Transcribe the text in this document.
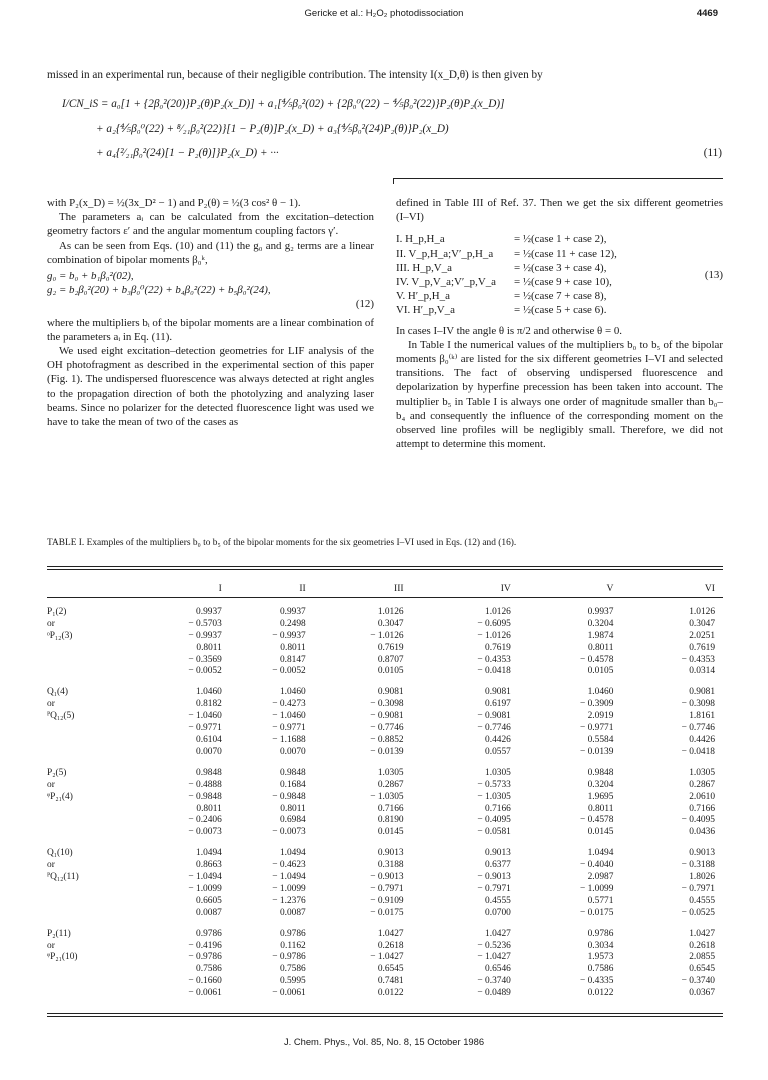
Gericke et al.: H₂O₂ photodissociation	4469
missed in an experimental run, because of their negligible contribution. The intensity I(x_D,θ) is then given by
I/CN_iS = a₀[1 + {2β₀²(20)}P₂(θ)P₂(x_D)] + a₁[⅘β₀²(02) + {2β₀⁰(22) − ⅘β₀²(22)}P₂(θ)P₂(x_D)]
+ a₂{⅘β₀⁰(22) + ⁸⁄₂₁β₀²(22)}[1 − P₂(θ)]P₂(x_D) + a₃{⅘β₀²(24)P₂(θ)}P₂(x_D)
+ a₄{²⁄₂₁β₀²(24)[1 − P₂(θ)]}P₂(x_D) + ···	(11)

with P₂(x_D) = ½(3x_D² − 1) and P₂(θ) = ½(3 cos² θ − 1).

The parameters aᵢ can be calculated from the excitation–detection geometry factors ε′ and the angular momentum coupling factors γ′.

As can be seen from Eqs. (10) and (11) the g₀ and g₂ terms are a linear combination of bipolar moments β₀ᵏ,

g₀ = b₀ + b₁β₀²(02),

g₂ = b₂β₀²(20) + b₃β₀⁰(22) + b₄β₀²(22) + b₅β₀²(24),

(12)

where the multipliers bᵢ of the bipolar moments are a linear combination of the parameters aᵢ in Eq. (11).

We used eight excitation–detection geometries for LIF analysis of the OH photofragment as described in the experimental section of this paper (Fig. 1). The undispersed fluorescence was always detected at right angles to the propagation direction of both the photolyzing and analyzing laser beams. Since no polarizer for the detected fluorescence light was used we have to take the mean of two of the cases as

defined in Table III of Ref. 37. Then we get the six different geometries (I–VI)

I. H_p,H_a	= ½(case 1 + case 2),
II. V_p,H_a;V′_p,H_a	= ½(case 11 + case 12),
III. H_p,V_a	= ½(case 3 + case 4),
IV. V_p,V_a;V′_p,V_a	= ½(case 9 + case 10),
V. H′_p,H_a	= ½(case 7 + case 8),
VI. H′_p,V_a	= ½(case 5 + case 6).
(13)

In cases I–IV the angle θ is π/2 and otherwise θ = 0.

In Table I the numerical values of the multipliers b₀ to b₅ of the bipolar moments β₀⁽ᵏ⁾ are listed for the six different geometries I–VI and selected transitions. The fact of observing undispersed fluorescence and depolarization by hyperfine precession has been taken into account. The multiplier b₅ in Table I is always one order of magnitude smaller than b₀–b₄ and consequently the influence of the corresponding moment on the observed line profiles will be negligibly small. Therefore, we did not attempt to determine this moment.

TABLE I. Examples of the multipliers b₀ to b₅ of the bipolar moments for the six geometries I–VI used in Eqs. (12) and (16).
	I	II	III	IV	V	VI

P₁(2)	0.9937	0.9937	1.0126	1.0126	0.9937	1.0126
or	− 0.5703	0.2498	0.3047	− 0.6095	0.3204	0.3047
ᵒP₁₂(3)	− 0.9937	− 0.9937	− 1.0126	− 1.0126	1.9874	2.0251
	0.8011	0.8011	0.7619	0.7619	0.8011	0.7619
	− 0.3569	0.8147	0.8707	− 0.4353	− 0.4578	− 0.4353
	− 0.0052	− 0.0052	0.0105	− 0.0418	0.0105	0.0314

Q₁(4)	1.0460	1.0460	0.9081	0.9081	1.0460	0.9081
or	0.8182	− 0.4273	− 0.3098	0.6197	− 0.3909	− 0.3098
ᴾQ₁₂(5)	− 1.0460	− 1.0460	− 0.9081	− 0.9081	2.0919	1.8161
	− 0.9771	− 0.9771	− 0.7746	− 0.7746	− 0.9771	− 0.7746
	0.6104	− 1.1688	− 0.8852	0.4426	0.5584	0.4426
	0.0070	0.0070	− 0.0139	0.0557	− 0.0139	− 0.0418

P₂(5)	0.9848	0.9848	1.0305	1.0305	0.9848	1.0305
or	− 0.4888	0.1684	0.2867	− 0.5733	0.3204	0.2867
ᵠP₂₁(4)	− 0.9848	− 0.9848	− 1.0305	− 1.0305	1.9695	2.0610
	0.8011	0.8011	0.7166	0.7166	0.8011	0.7166
	− 0.2406	0.6984	0.8190	− 0.4095	− 0.4578	− 0.4095
	− 0.0073	− 0.0073	0.0145	− 0.0581	0.0145	0.0436

Q₁(10)	1.0494	1.0494	0.9013	0.9013	1.0494	0.9013
or	0.8663	− 0.4623	0.3188	0.6377	− 0.4040	− 0.3188
ᴾQ₁₂(11)	− 1.0494	− 1.0494	− 0.9013	− 0.9013	2.0987	1.8026
	− 1.0099	− 1.0099	− 0.7971	− 0.7971	− 1.0099	− 0.7971
	0.6605	− 1.2376	− 0.9109	0.4555	0.5771	0.4555
	0.0087	0.0087	− 0.0175	0.0700	− 0.0175	− 0.0525

P₂(11)	0.9786	0.9786	1.0427	1.0427	0.9786	1.0427
or	− 0.4196	0.1162	0.2618	− 0.5236	0.3034	0.2618
ᵠP₂₁(10)	− 0.9786	− 0.9786	− 1.0427	− 1.0427	1.9573	2.0855
	0.7586	0.7586	0.6545	0.6546	0.7586	0.6545
	− 0.1660	0.5995	0.7481	− 0.3740	− 0.4335	− 0.3740
	− 0.0061	− 0.0061	0.0122	− 0.0489	0.0122	0.0367
J. Chem. Phys., Vol. 85, No. 8, 15 October 1986
